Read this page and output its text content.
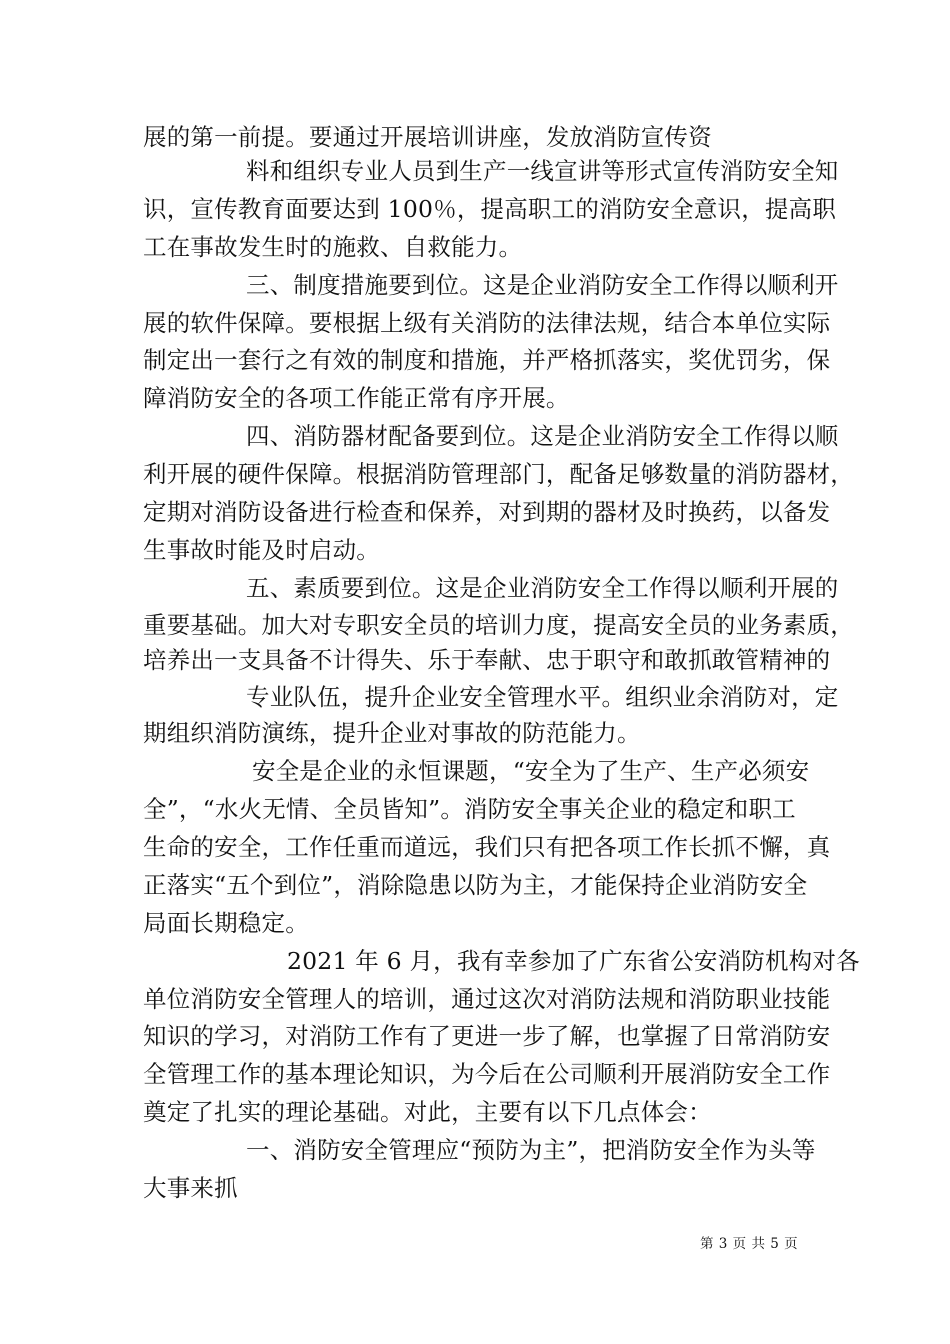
展的第一前提。要通过开展培训讲座，发放消防宣传资
料和组织专业人员到生产一线宣讲等形式宣传消防安全知
识，宣传教育面要达到 100％，提高职工的消防安全意识，提高职
工在事故发生时的施救、自救能力。
三、制度措施要到位。这是企业消防安全工作得以顺利开
展的软件保障。要根据上级有关消防的法律法规，结合本单位实际
制定出一套行之有效的制度和措施，并严格抓落实，奖优罚劣，保
障消防安全的各项工作能正常有序开展。
四、消防器材配备要到位。这是企业消防安全工作得以顺
利开展的硬件保障。根据消防管理部门，配备足够数量的消防器材，
定期对消防设备进行检查和保养，对到期的器材及时换药，以备发
生事故时能及时启动。
五、素质要到位。这是企业消防安全工作得以顺利开展的
重要基础。加大对专职安全员的培训力度，提高安全员的业务素质，
培养出一支具备不计得失、乐于奉献、忠于职守和敢抓敢管精神的
专业队伍，提升企业安全管理水平。组织业余消防对，定
期组织消防演练，提升企业对事故的防范能力。
安全是企业的永恒课题，“安全为了生产、生产必须安
全”，“水火无情、全员皆知”。消防安全事关企业的稳定和职工
生命的安全，工作任重而道远，我们只有把各项工作长抓不懈，真
正落实“五个到位”，消除隐患以防为主，才能保持企业消防安全
局面长期稳定。
2021 年 6 月，我有幸参加了广东省公安消防机构对各
单位消防安全管理人的培训，通过这次对消防法规和消防职业技能
知识的学习，对消防工作有了更进一步了解，也掌握了日常消防安
全管理工作的基本理论知识，为今后在公司顺利开展消防安全工作
奠定了扎实的理论基础。对此，主要有以下几点体会：
一、消防安全管理应“预防为主”，把消防安全作为头等
大事来抓
第 3 页 共 5 页
